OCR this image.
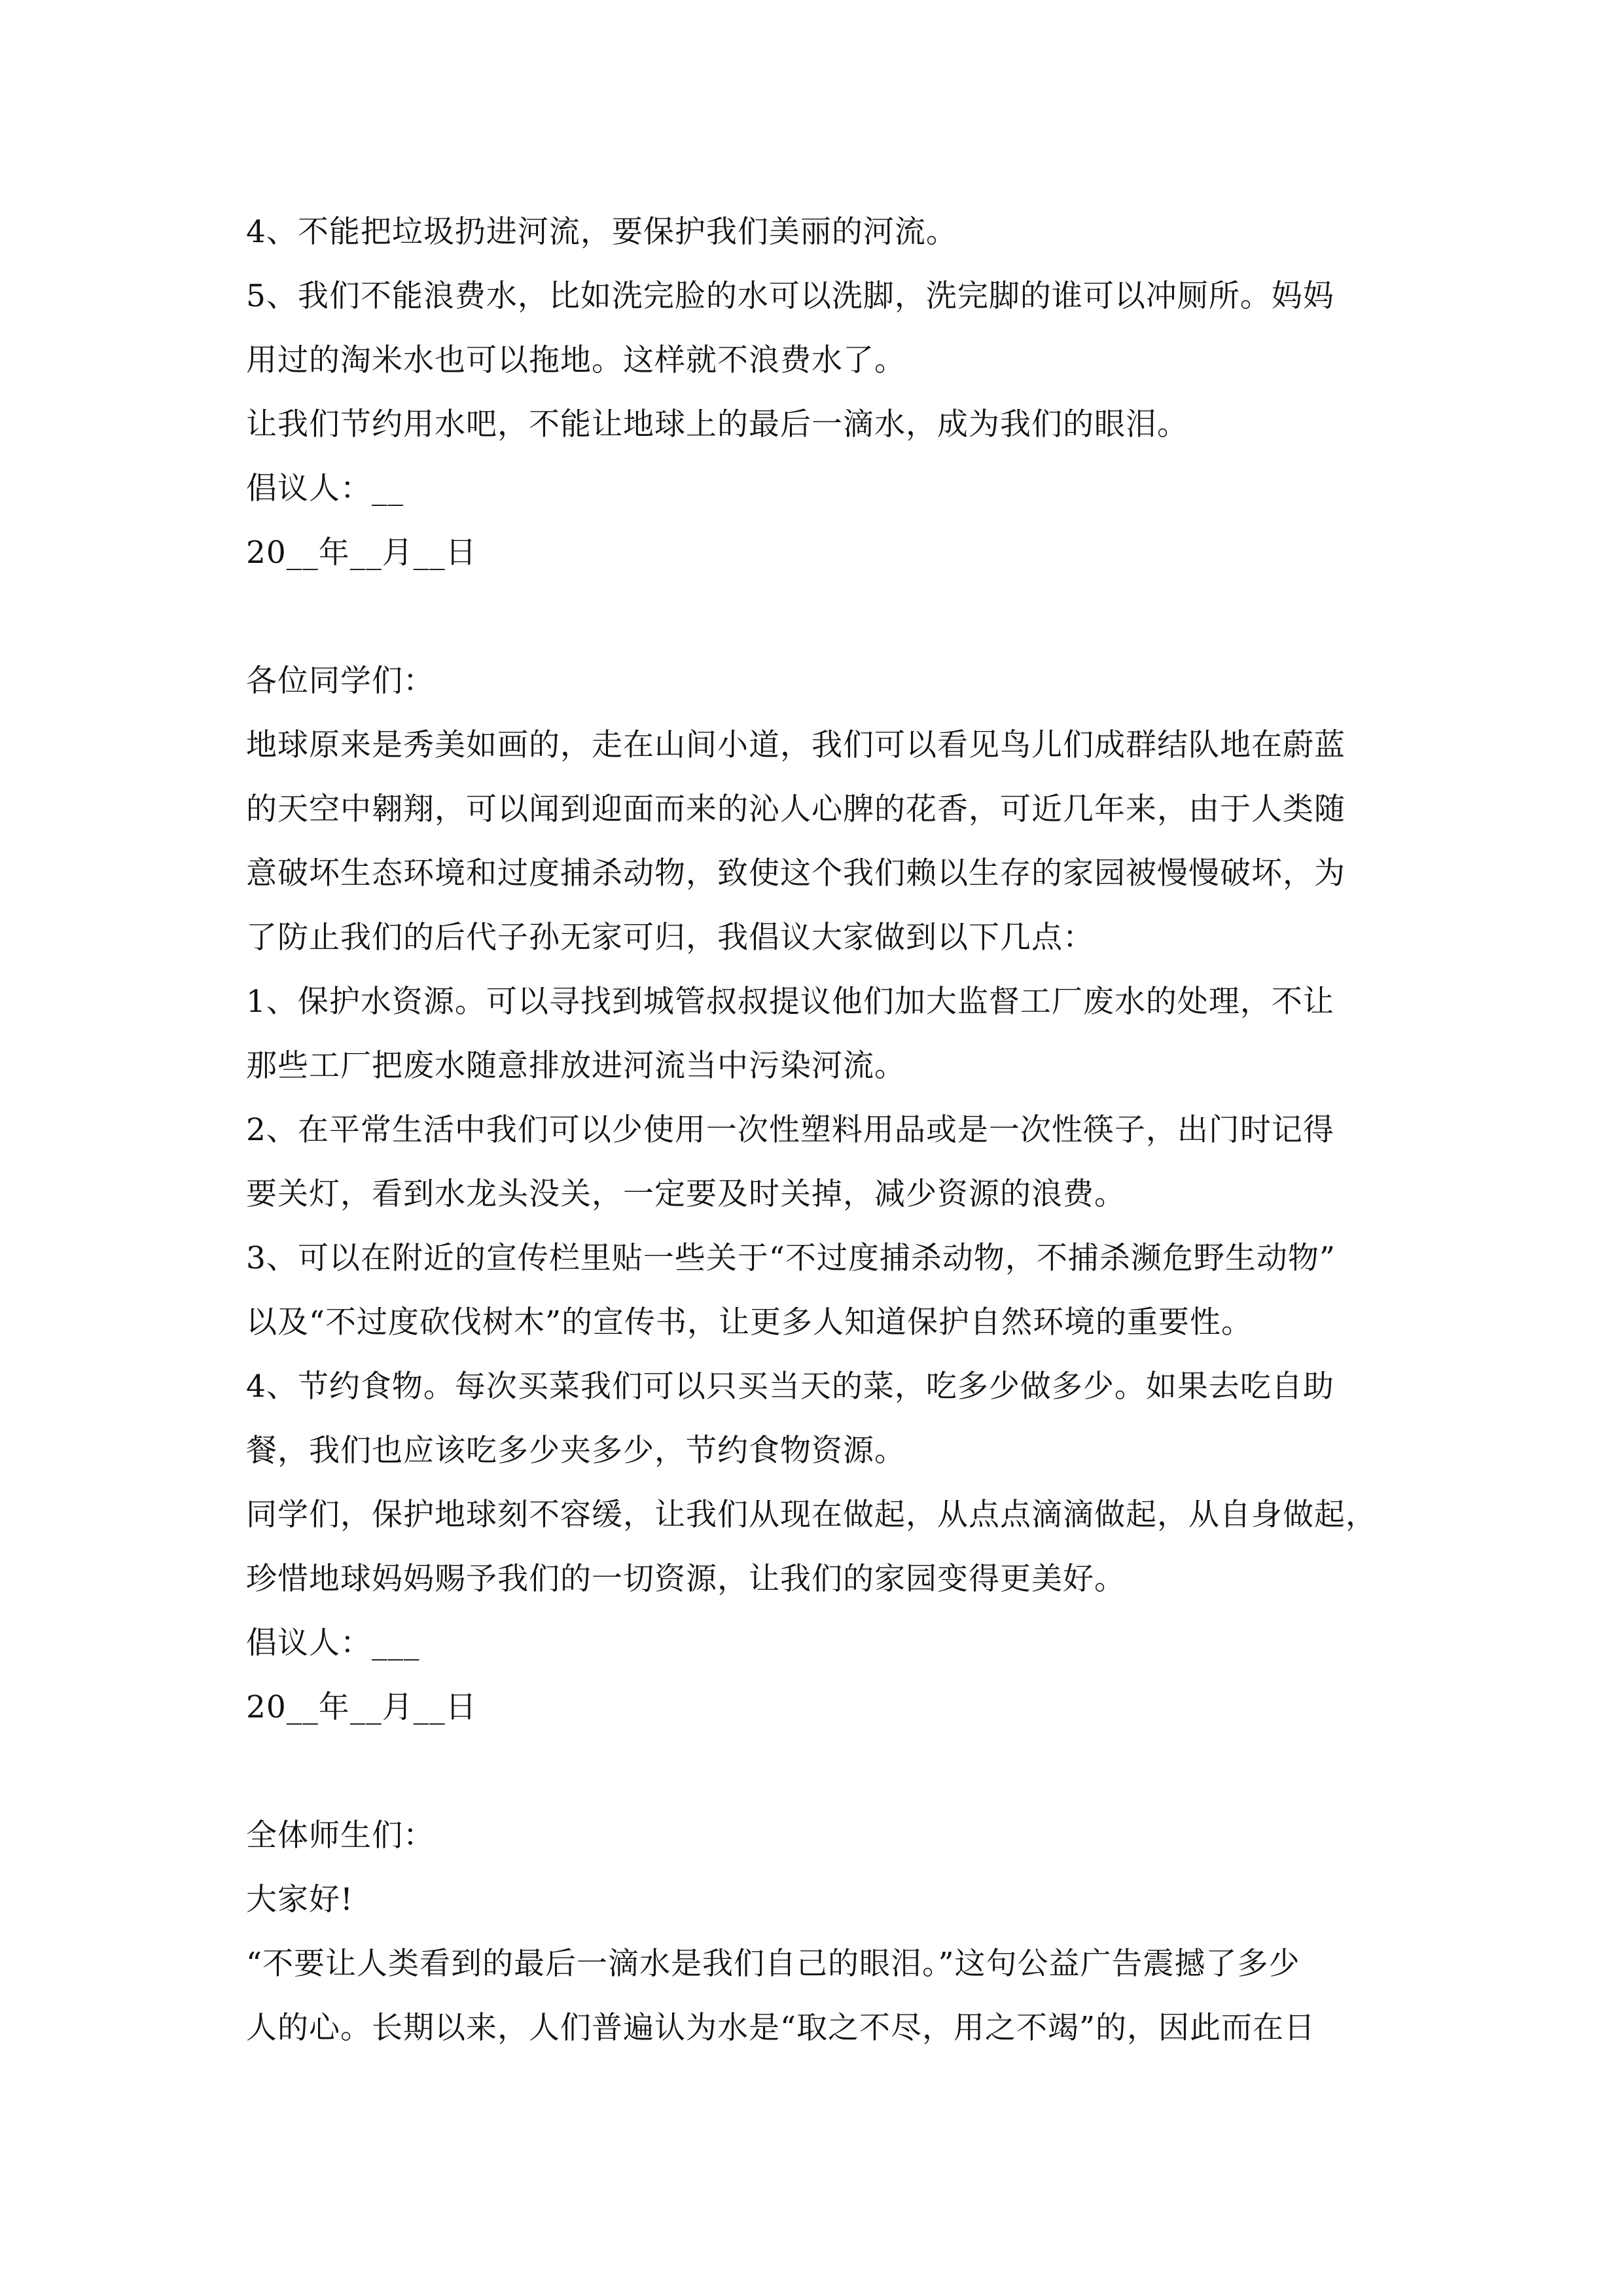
4、不能把垃圾扔进河流，要保护我们美丽的河流。
5、我们不能浪费水，比如洗完脸的水可以洗脚，洗完脚的谁可以冲厕所。妈妈
用过的淘米水也可以拖地。这样就不浪费水了。
让我们节约用水吧，不能让地球上的最后一滴水，成为我们的眼泪。
倡议人：__
20__年__月__日
各位同学们：
地球原来是秀美如画的，走在山间小道，我们可以看见鸟儿们成群结队地在蔚蓝
的天空中翱翔，可以闻到迎面而来的沁人心脾的花香，可近几年来，由于人类随
意破坏生态环境和过度捕杀动物，致使这个我们赖以生存的家园被慢慢破坏，为
了防止我们的后代子孙无家可归，我倡议大家做到以下几点：
1、保护水资源。可以寻找到城管叔叔提议他们加大监督工厂废水的处理，不让
那些工厂把废水随意排放进河流当中污染河流。
2、在平常生活中我们可以少使用一次性塑料用品或是一次性筷子，出门时记得
要关灯，看到水龙头没关，一定要及时关掉，减少资源的浪费。
3、可以在附近的宣传栏里贴一些关于“不过度捕杀动物，不捕杀濒危野生动物”
以及“不过度砍伐树木”的宣传书，让更多人知道保护自然环境的重要性。
4、节约食物。每次买菜我们可以只买当天的菜，吃多少做多少。如果去吃自助
餐，我们也应该吃多少夹多少，节约食物资源。
同学们，保护地球刻不容缓，让我们从现在做起，从点点滴滴做起，从自身做起，
珍惜地球妈妈赐予我们的一切资源，让我们的家园变得更美好。
倡议人：___
20__年__月__日
全体师生们：
大家好!
“不要让人类看到的最后一滴水是我们自己的眼泪。”这句公益广告震撼了多少
人的心。长期以来，人们普遍认为水是“取之不尽，用之不竭”的，因此而在日
